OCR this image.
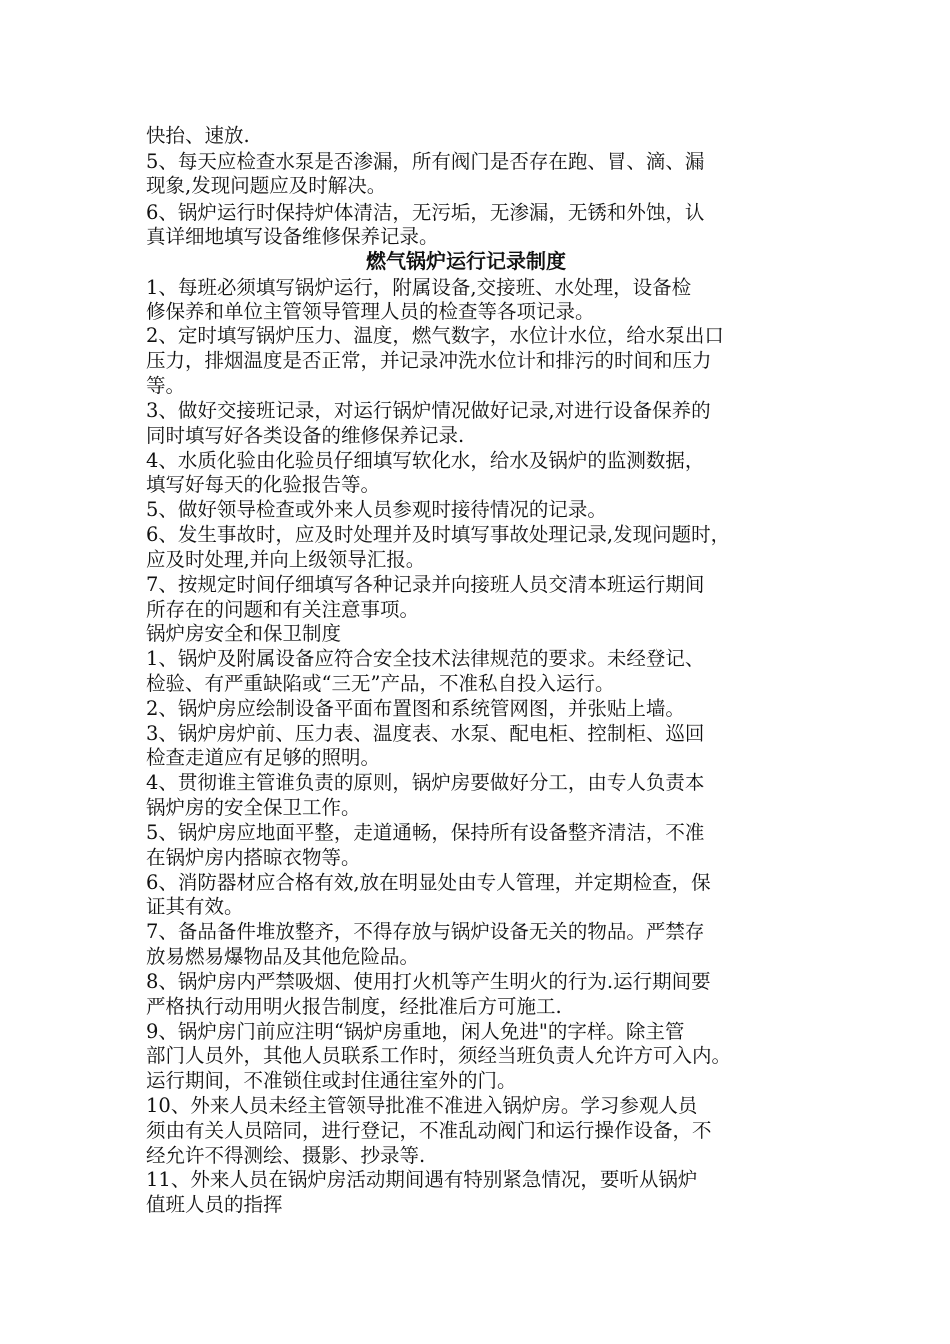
快抬、速放.
5、每天应检查水泵是否渗漏，所有阀门是否存在跑、冒、滴、漏
现象,发现问题应及时解决。
6、锅炉运行时保持炉体清洁，无污垢，无渗漏，无锈和外蚀，认
真详细地填写设备维修保养记录。
燃气锅炉运行记录制度
1、每班必须填写锅炉运行，附属设备,交接班、水处理，设备检
修保养和单位主管领导管理人员的检查等各项记录。
2、定时填写锅炉压力、温度，燃气数字，水位计水位，给水泵出口
压力，排烟温度是否正常，并记录冲洗水位计和排污的时间和压力
等。
3、做好交接班记录，对运行锅炉情况做好记录,对进行设备保养的
同时填写好各类设备的维修保养记录.
4、水质化验由化验员仔细填写软化水，给水及锅炉的监测数据，
填写好每天的化验报告等。
5、做好领导检查或外来人员参观时接待情况的记录。
6、发生事故时，应及时处理并及时填写事故处理记录,发现问题时，
应及时处理,并向上级领导汇报。
7、按规定时间仔细填写各种记录并向接班人员交清本班运行期间
所存在的问题和有关注意事项。
锅炉房安全和保卫制度
1、锅炉及附属设备应符合安全技术法律规范的要求。未经登记、
检验、有严重缺陷或“三无”产品，不准私自投入运行。
2、锅炉房应绘制设备平面布置图和系统管网图，并张贴上墙。
3、锅炉房炉前、压力表、温度表、水泵、配电柜、控制柜、巡回
检查走道应有足够的照明。
4、贯彻谁主管谁负责的原则，锅炉房要做好分工，由专人负责本
锅炉房的安全保卫工作。
5、锅炉房应地面平整，走道通畅，保持所有设备整齐清洁，不准
在锅炉房内搭晾衣物等。
6、消防器材应合格有效,放在明显处由专人管理，并定期检查，保
证其有效。
7、备品备件堆放整齐，不得存放与锅炉设备无关的物品。严禁存
放易燃易爆物品及其他危险品。
8、锅炉房内严禁吸烟、使用打火机等产生明火的行为.运行期间要
严格执行动用明火报告制度，经批准后方可施工.
9、锅炉房门前应注明“锅炉房重地，闲人免进"的字样。除主管
部门人员外，其他人员联系工作时，须经当班负责人允许方可入内。
运行期间，不准锁住或封住通往室外的门。
10、外来人员未经主管领导批准不准进入锅炉房。学习参观人员
须由有关人员陪同，进行登记，不准乱动阀门和运行操作设备，不
经允许不得测绘、摄影、抄录等.
11、外来人员在锅炉房活动期间遇有特别紧急情况，要听从锅炉
值班人员的指挥
